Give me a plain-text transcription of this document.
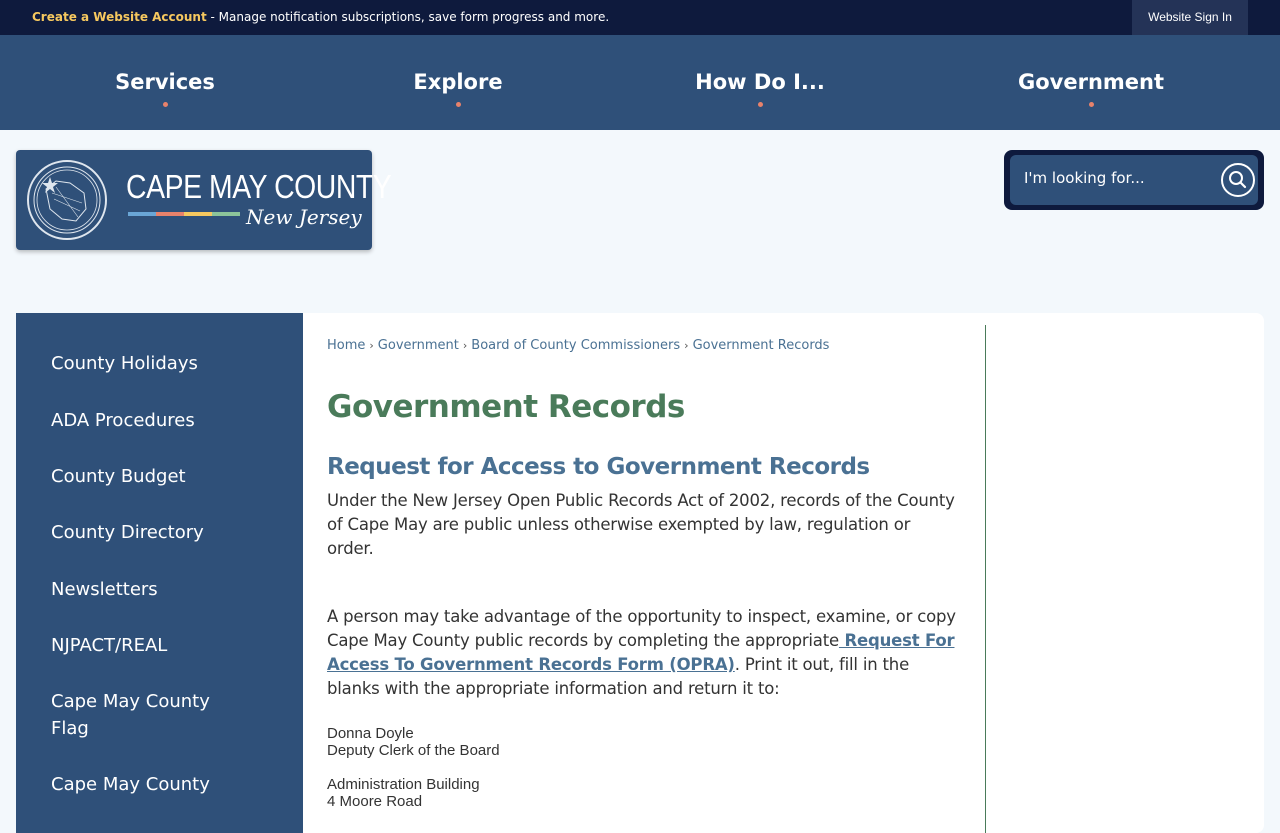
Create a Website Account - Manage notification subscriptions, save form progress and more.	Website Sign In
Services	Explore	How Do I...	Government
CAPE MAY COUNTY
New Jersey
I'm looking for...
County Holidays
ADA Procedures
County Budget
County Directory
Newsletters
NJPACT/REAL
Cape May County Flag
Cape May County
Home › Government › Board of County Commissioners › Government Records
Government Records
Request for Access to Government Records

Under the New Jersey Open Public Records Act of 2002, records of the County of Cape May are public unless otherwise exempted by law, regulation or order.

A person may take advantage of the opportunity to inspect, examine, or copy Cape May County public records by completing the appropriate Request For Access To Government Records Form (OPRA). Print it out, fill in the blanks with the appropriate information and return it to:

Donna Doyle
Deputy Clerk of the Board
Administration Building
4 Moore Road
